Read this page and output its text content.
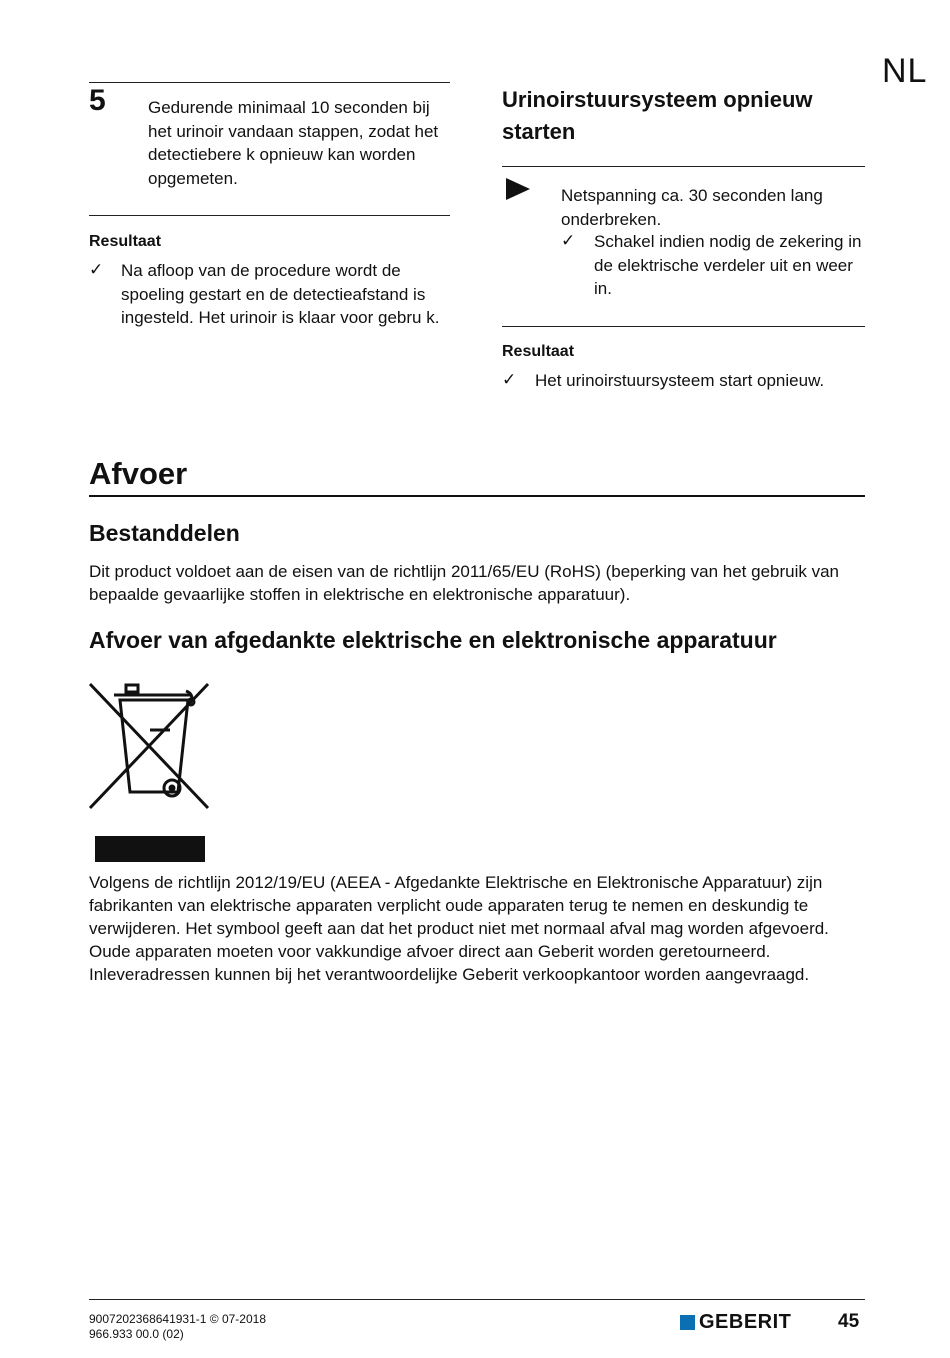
NL
5 Gedurende minimaal 10 seconden bij het urinoir vandaan stappen, zodat het detectiebere k opnieuw kan worden opgemeten.
Resultaat
✓ Na afloop van de procedure wordt de spoeling gestart en de detectieafstand is ingesteld. Het urinoir is klaar voor gebru k.
Urinoirstuursysteem opnieuw starten
Netspanning ca. 30 seconden lang onderbreken.
✓ Schakel indien nodig de zekering in de elektrische verdeler uit en weer in.
Resultaat
✓ Het urinoirstuursysteem start opnieuw.
Afvoer
Bestanddelen
Dit product voldoet aan de eisen van de richtlijn 2011/65/EU (RoHS) (beperking van het gebruik van bepaalde gevaarlijke stoffen in elektrische en elektronische apparatuur).
Afvoer van afgedankte elektrische en elektronische apparatuur
Volgens de richtlijn 2012/19/EU (AEEA - Afgedankte Elektrische en Elektronische Apparatuur) zijn fabrikanten van elektrische apparaten verplicht oude apparaten terug te nemen en deskundig te verwijderen. Het symbool geeft aan dat het product niet met normaal afval mag worden afgevoerd. Oude apparaten moeten voor vakkundige afvoer direct aan Geberit worden geretourneerd. Inleveradressen kunnen bij het verantwoordelijke Geberit verkoopkantoor worden aangevraagd.
9007202368641931-1 © 07-2018
966.933 00.0 (02)
GEBERIT 45
